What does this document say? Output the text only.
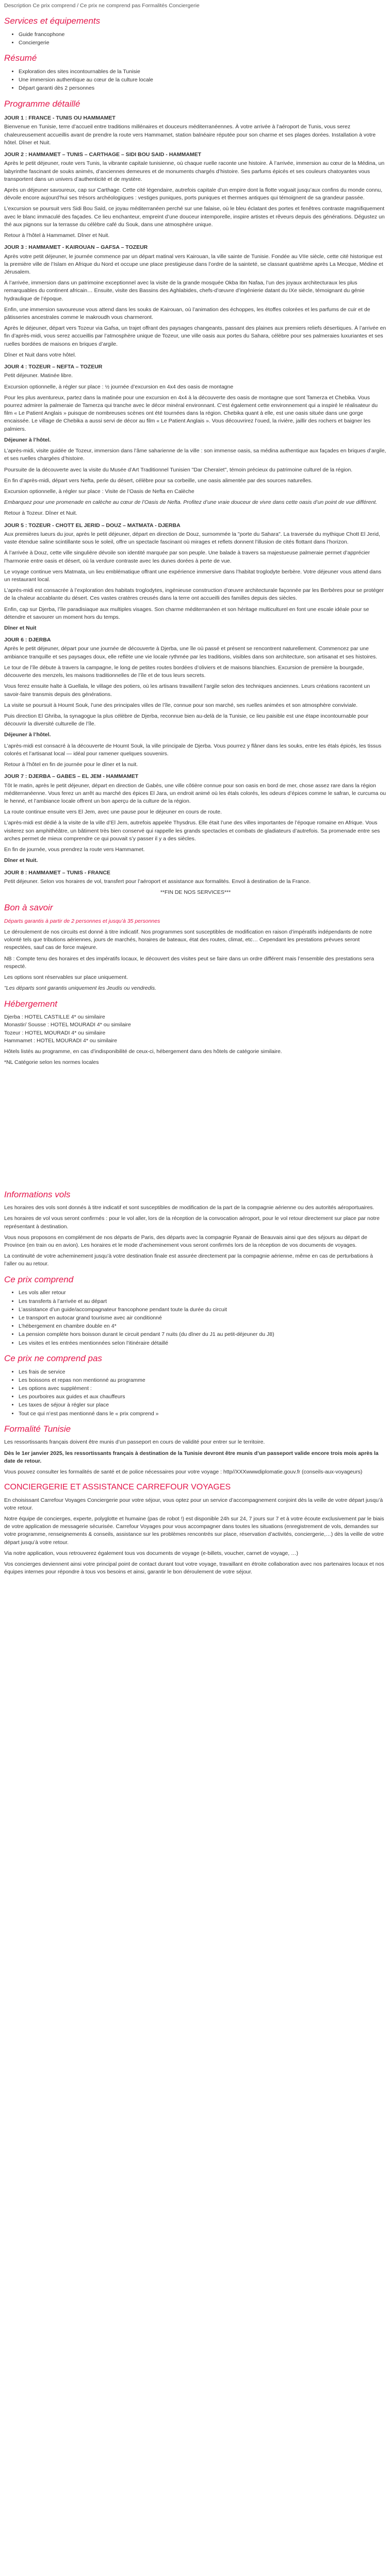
Description Ce prix comprend / Ce prix ne comprend pas Formalités Conciergerie

Services et équipements
• Guide francophone
• Conciergerie
Résumé
• Exploration des sites incontournables de la Tunisie
• Une immersion authentique au cœur de la culture locale
• Départ garanti dès 2 personnes
Programme détaillé
JOUR 1 : FRANCE - TUNIS OU HAMMAMET

Bienvenue en Tunisie, terre d’accueil entre traditions millénaires et douceurs méditerranéennes. À votre arrivée à l’aéroport de Tunis, vous serez chaleureusement accueillis avant de prendre la route vers Hammamet, station balnéaire réputée pour son charme et ses plages dorées. Installation à votre hôtel. Dîner et Nuit.

JOUR 2 : HAMMAMET – TUNIS – CARTHAGE – SIDI BOU SAID - HAMMAMET

Après le petit déjeuner, route vers Tunis, la vibrante capitale tunisienne, où chaque ruelle raconte une histoire. À l’arrivée, immersion au cœur de la Médina, un labyrinthe fascinant de souks animés, d’anciennes demeures et de monuments chargés d’histoire. Ses parfums épicés et ses couleurs chatoyantes vous transportent dans un univers d’authenticité et de mystère.

Après un déjeuner savoureux, cap sur Carthage. Cette cité légendaire, autrefois capitale d’un empire dont la flotte voguait jusqu’aux confins du monde connu, dévoile encore aujourd’hui ses trésors archéologiques : vestiges puniques, ports puniques et thermes antiques qui témoignent de sa grandeur passée.

L’excursion se poursuit vers Sidi Bou Saïd, ce joyau méditerranéen perché sur une falaise, où le bleu éclatant des portes et fenêtres contraste magnifiquement avec le blanc immaculé des façades. Ce lieu enchanteur, empreint d’une douceur intemporelle, inspire artistes et rêveurs depuis des générations. Dégustez un thé aux pignons sur la terrasse du célèbre café du Souk, dans une atmosphère unique.

Retour à l’hôtel à Hammamet. Dîner et Nuit.

JOUR 3 : HAMMAMET - KAIROUAN – GAFSA – TOZEUR

Après votre petit déjeuner, le journée commence par un départ matinal vers Kairouan, la ville sainte de Tunisie. Fondée au VIIe siècle, cette cité historique est la première ville de l’Islam en Afrique du Nord et occupe une place prestigieuse dans l’ordre de la sainteté, se classant quatrième après La Mecque, Médine et Jérusalem.

À l’arrivée, immersion dans un patrimoine exceptionnel avec la visite de la grande mosquée Okba Ibn Nafaa, l’un des joyaux architecturaux les plus remarquables du continent africain… Ensuite, visite des Bassins des Aghlabides, chefs-d’œuvre d’ingénierie datant du IXe siècle, témoignant du génie hydraulique de l’époque.

Enfin, une immersion savoureuse vous attend dans les souks de Kairouan, où l’animation des échoppes, les étoffes colorées et les parfums de cuir et de pâtisseries ancestrales comme le makroudh vous charmeront.

Après le déjeuner, départ vers Tozeur via Gafsa, un trajet offrant des paysages changeants, passant des plaines aux premiers reliefs désertiques. À l’arrivée en fin d’après-midi, vous serez accueillis par l’atmosphère unique de Tozeur, une ville oasis aux portes du Sahara, célèbre pour ses palmeraies luxuriantes et ses ruelles bordées de maisons en briques d’argile.

Dîner et Nuit dans votre hôtel.

JOUR 4 : TOZEUR – NEFTA – TOZEUR

Petit déjeuner. Matinée libre.

Excursion optionnelle, à régler sur place : ½ journée d’excursion en 4x4 des oasis de montagne

Pour les plus aventureux, partez dans la matinée pour une excursion en 4x4 à la découverte des oasis de montagne que sont Tamerza et Chebika. Vous pourrez admirer la palmeraie de Tamerza qui tranche avec le décor minéral environnant. C’est également cette environnement qui a inspiré le réalisateur du film « Le Patient Anglais » puisque de nombreuses scènes ont été tournées dans la région. Chebika quant à elle, est une oasis située dans une gorge encaissée. Le village de Chebika a aussi servi de décor au film « Le Patient Anglais ». Vous découvrirez l’oued, la rivière, jaillir des rochers et baigner les palmiers.

Déjeuner à l’hôtel.

L’après-midi, visite guidée de Tozeur, immersion dans l’âme saharienne de la ville : son immense oasis, sa médina authentique aux façades en briques d’argile, et ses ruelles chargées d’histoire.

Poursuite de la découverte avec la visite du Musée d’Art Traditionnel Tunisien "Dar Cheraïet", témoin précieux du patrimoine culturel de la région.

En fin d’après-midi, départ vers Nefta, perle du désert, célèbre pour sa corbeille, une oasis alimentée par des sources naturelles.

Excursion optionnelle, à régler sur place : Visite de l’Oasis de Nefta en Calèche

Embarquez pour une promenade en calèche au cœur de l’Oasis de Nefta. Profitez d’une vraie douceur de vivre dans cette oasis d’un point de vue différent.

Retour à Tozeur. Dîner et Nuit.

JOUR 5 : TOZEUR - CHOTT EL JERID – DOUZ – MATMATA - DJERBA

Aux premières lueurs du jour, après le petit déjeuner, départ en direction de Douz, surnommée la "porte du Sahara". La traversée du mythique Chott El Jerid, vaste étendue saline scintillante sous le soleil, offre un spectacle fascinant où mirages et reflets donnent l’illusion de cités flottant dans l’horizon.

À l’arrivée à Douz, cette ville singulière dévoile son identité marquée par son peuple. Une balade à travers sa majestueuse palmeraie permet d’apprécier l’harmonie entre oasis et désert, où la verdure contraste avec les dunes dorées à perte de vue.

Le voyage continue vers Matmata, un lieu emblématique offrant une expérience immersive dans l’habitat troglodyte berbère. Votre déjeuner vous attend dans un restaurant local.

L’après-midi est consacrée à l’exploration des habitats troglodytes, ingénieuse construction d’œuvre architecturale façonnée par les Berbères pour se protéger de la chaleur accablante du désert. Ces vastes cratères creusés dans la terre ont accueilli des familles depuis des siècles.

Enfin, cap sur Djerba, l’île paradisiaque aux multiples visages. Son charme méditerranéen et son héritage multiculturel en font une escale idéale pour se détendre et savourer un moment hors du temps.

Dîner et Nuit

JOUR 6 : DJERBA

Après le petit déjeuner, départ pour une journée de découverte à Djerba, une île où passé et présent se rencontrent naturellement. Commencez par une ambiance tranquille et ses paysages doux, elle reflète une vie locale rythmée par les traditions, visibles dans son architecture, son artisanat et ses histoires.

Le tour de l’île débute à travers la campagne, le long de petites routes bordées d’oliviers et de maisons blanchies. Excursion de première la bourgade, découverte des menzels, les maisons traditionnelles de l’île et de tous leurs secrets.

Vous ferez ensuite halte à Guellala, le village des potiers, où les artisans travaillent l’argile selon des techniques anciennes. Leurs créations racontent un savoir-faire transmis depuis des générations.

La visite se poursuit à Houmt Souk, l’une des principales villes de l’île, connue pour son marché, ses ruelles animées et son atmosphère conviviale.

Puis direction El Ghriba, la synagogue la plus célèbre de Djerba, reconnue bien au-delà de la Tunisie, ce lieu paisible est une étape incontournable pour découvrir la diversité culturelle de l’île.

Déjeuner à l’hôtel.

L’après-midi est consacré à la découverte de Houmt Souk, la ville principale de Djerba. Vous pourrez y flâner dans les souks, entre les étals épicés, les tissus colorés et l’artisanat local — idéal pour ramener quelques souvenirs.

Retour à l’hôtel en fin de journée pour le dîner et la nuit.

JOUR 7 : DJERBA – GABES – EL JEM - HAMMAMET

Tôt le matin, après le petit déjeuner, départ en direction de Gabès, une ville côtière connue pour son oasis en bord de mer, chose assez rare dans la région méditerranéenne. Vous ferez un arrêt au marché des épices El Jara, un endroit animé où les étals colorés, les odeurs d’épices comme le safran, le curcuma ou le henné, et l’ambiance locale offrent un bon aperçu de la culture de la région.

La route continue ensuite vers El Jem, avec une pause pour le déjeuner en cours de route.

L’après-midi est dédié à la visite de la ville d’El Jem, autrefois appelée Thysdrus. Elle était l’une des villes importantes de l’époque romaine en Afrique. Vous visiterez son amphithéâtre, un bâtiment très bien conservé qui rappelle les grands spectacles et combats de gladiateurs d’autrefois. Sa promenade entre ses arches permet de mieux comprendre ce qui pouvait s’y passer il y a des siècles.

En fin de journée, vous prendrez la route vers Hammamet.

Dîner et Nuit.

JOUR 8 : HAMMAMET – TUNIS - FRANCE

Petit déjeuner. Selon vos horaires de vol, transfert pour l’aéroport et assistance aux formalités. Envol à destination de la France.

**FIN DE NOS SERVICES***

Bon à savoir

Départs garantis à partir de 2 personnes et jusqu’à 35 personnes

Le déroulement de nos circuits est donné à titre indicatif. Nos programmes sont susceptibles de modification en raison d’impératifs indépendants de notre volonté tels que tributions aériennes, jours de marchés, horaires de bateaux, état des routes, climat, etc… Cependant les prestations prévues seront respectées, sauf cas de force majeure.

NB : Compte tenu des horaires et des impératifs locaux, le découvert des visites peut se faire dans un ordre différent mais l’ensemble des prestations sera respecté.

Les options sont réservables sur place uniquement.

"Les départs sont garantis uniquement les Jeudis ou vendredis.

Hébergement
Djerba : HOTEL CASTILLE 4* ou similaire
Monastir/ Sousse : HOTEL MOURADI 4* ou similaire
Tozeur : HOTEL MOURADI 4* ou similaire
Hammamet : HOTEL MOURADI 4* ou similaire

Hôtels listés au programme, en cas d’indisponibilité de ceux-ci, hébergement dans des hôtels de catégorie similaire.

*NL Catégorie selon les normes locales

Informations vols

Les horaires des vols sont donnés à titre indicatif et sont susceptibles de modification de la part de la compagnie aérienne ou des autorités aéroportuaires.

Les horaires de vol vous seront confirmés : pour le vol aller, lors de la réception de la convocation aéroport, pour le vol retour directement sur place par notre représentant à destination.

Vous nous proposons en complément de nos départs de Paris, des départs avec la compagnie Ryanair de Beauvais ainsi que des séjours au départ de Province (en train ou en avion). Les horaires et le mode d’acheminement vous seront confirmés lors de la réception de vos documents de voyages.

La continuité de votre acheminement jusqu’à votre destination finale est assurée directement par la compagnie aérienne, même en cas de perturbations à l’aller ou au retour.

Ce prix comprend
• Les vols aller retour
• Les transferts à l’arrivée et au départ
• L’assistance d’un guide/accompagnateur francophone pendant toute la durée du circuit
• Le transport en autocar grand tourisme avec air conditionné
• L’hébergement en chambre double en 4*
• La pension complète hors boisson durant le circuit pendant 7 nuits (du dîner du J1 au petit-déjeuner du J8)
• Les visites et les entrées mentionnées selon l’itinéraire détaillé
Ce prix ne comprend pas
• Les frais de service
• Les boissons et repas non mentionné au programme
• Les options avec supplément :
• Les pourboires aux guides et aux chauffeurs
• Les taxes de séjour à régler sur place
• Tout ce qui n’est pas mentionné dans le « prix comprend »
Formalité Tunisie

Les ressortissants français doivent être munis d’un passeport en cours de validité pour entrer sur le territoire.

Dès le 1er janvier 2025, les ressortissants français à destination de la Tunisie devront être munis d’un passeport valide encore trois mois après la date de retour.

Vous pouvez consulter les formalités de santé et de police nécessaires pour votre voyage : http//XXXwwwdiplomatie.gouv.fr (conseils-aux-voyageurs)

CONCIERGERIE ET ASSISTANCE CARREFOUR VOYAGES

En choisissant Carrefour Voyages Conciergerie pour votre séjour, vous optez pour un service d’accompagnement conjoint dès la veille de votre départ jusqu’à votre retour.

Notre équipe de concierges, experte, polyglotte et humaine (pas de robot !) est disponible 24h sur 24, 7 jours sur 7 et à votre écoute exclusivement par le biais de votre application de messagerie sécurisée. Carrefour Voyages pour vous accompagner dans toutes les situations (enregistrement de vols, demandes sur votre programme, renseignements & conseils, assistance sur les problèmes rencontrés sur place, réservation d’activités, conciergerie,…) dès la veille de votre départ jusqu’à votre retour.

Via notre application, vous retrouverez également tous vos documents de voyage (e-billets, voucher, carnet de voyage, …)

Vos concierges deviennent ainsi votre principal point de contact durant tout votre voyage, travaillant en étroite collaboration avec nos partenaires locaux et nos équipes internes pour répondre à tous vos besoins et ainsi, garantir le bon déroulement de votre séjour.
